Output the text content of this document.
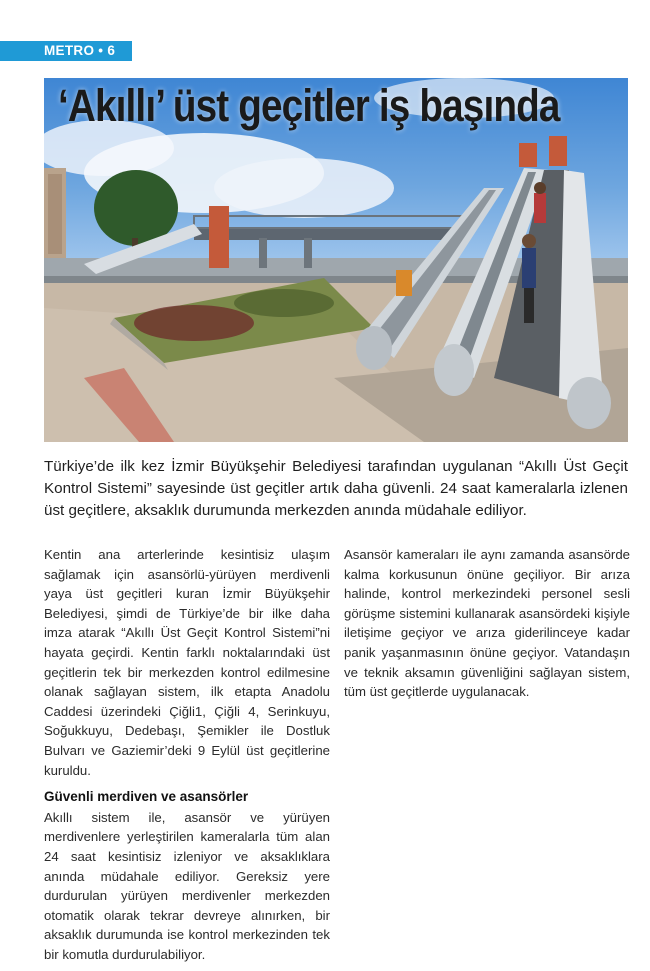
METRO • 6
‘Akıllı’ üst geçitler iş başında

Türkiye’de ilk kez İzmir Büyükşehir Belediyesi tarafından uygulanan “Akıllı Üst Geçit Kontrol Sistemi” sayesinde üst geçitler artık daha güvenli. 24 saat kameralarla izlenen üst geçitlere, aksaklık durumunda merkezden anında müdahale ediliyor.

Kentin ana arterlerinde kesintisiz ulaşım sağlamak için asansörlü-yürüyen merdivenli yaya üst geçitleri kuran İzmir Büyükşehir Belediyesi, şimdi de Türkiye’de bir ilke daha imza atarak “Akıllı Üst Geçit Kontrol Sistemi”ni hayata geçirdi. Kentin farklı noktalarındaki üst geçitlerin tek bir merkezden kontrol edilmesine olanak sağlayan sistem, ilk etapta Anadolu Caddesi üzerindeki Çiğli1, Çiğli 4, Serinkuyu, Soğukkuyu, Dedebaşı, Şemikler ile Dostluk Bulvarı ve Gaziemir’deki 9 Eylül üst geçitlerine kuruldu.

Güvenli merdiven ve asansörler

Akıllı sistem ile, asansör ve yürüyen merdivenlere yerleştirilen kameralarla tüm alan 24 saat kesintisiz izleniyor ve aksaklıklara anında müdahale ediliyor. Gereksiz yere durdurulan yürüyen merdivenler merkezden otomatik olarak tekrar devreye alınırken, bir aksaklık durumunda ise kontrol merkezinden tek bir komutla durdurulabiliyor.

Asansör kameraları ile aynı zamanda asansörde kalma korkusunun önüne geçiliyor. Bir arıza halinde, kontrol merkezindeki personel sesli görüşme sistemini kullanarak asansördeki kişiyle iletişime geçiyor ve arıza giderilinceye kadar panik yaşanmasının önüne geçiyor. Vatandaşın ve teknik aksamın güvenliğini sağlayan sistem, tüm üst geçitlerde uygulanacak.
